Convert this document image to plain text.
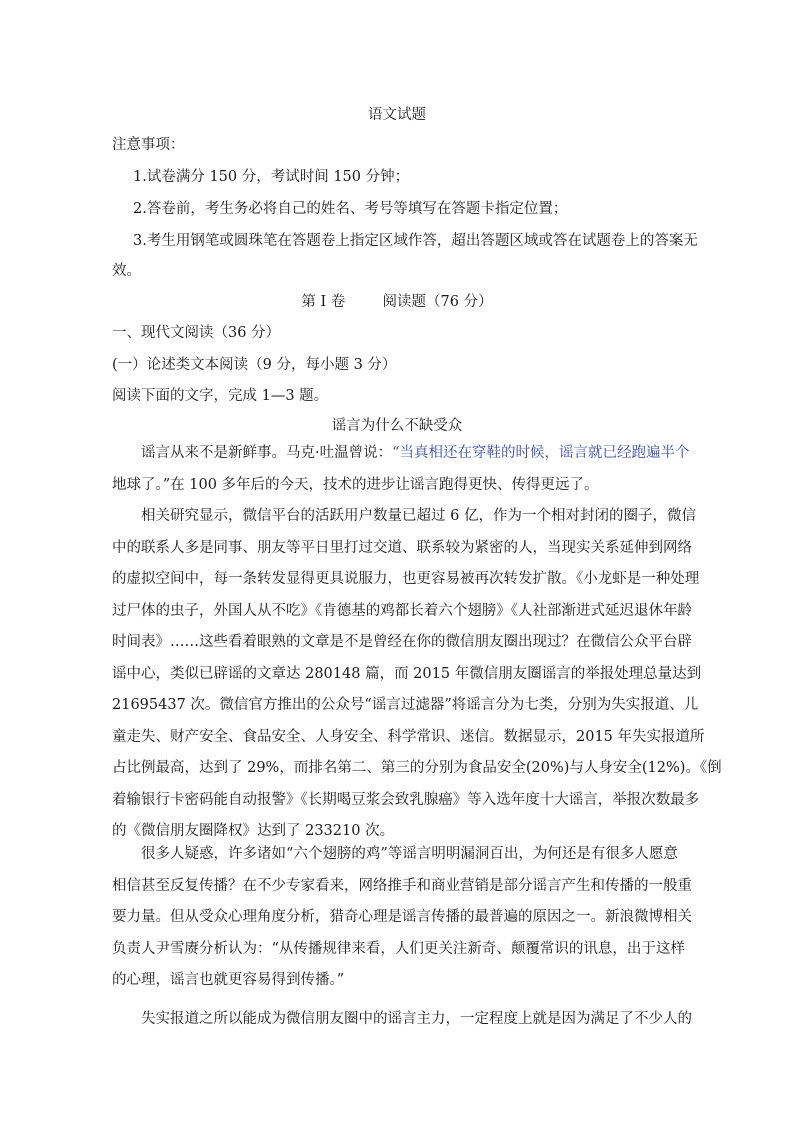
语文试题
注意事项：
1.试卷满分 150 分，考试时间 150 分钟；
2.答卷前，考生务必将自己的姓名、考号等填写在答题卡指定位置；
3.考生用钢笔或圆珠笔在答题卷上指定区域作答，超出答题区域或答在试题卷上的答案无
效。
第 I 卷	阅读题（76 分）
一、现代文阅读（36 分）
(一）论述类文本阅读（9 分，每小题 3 分）
阅读下面的文字，完成 1—3 题。
谣言为什么不缺受众
谣言从来不是新鲜事。马克·吐温曾说：“当真相还在穿鞋的时候，谣言就已经跑遍半个
地球了。”在 100 多年后的今天，技术的进步让谣言跑得更快、传得更远了。
相关研究显示，微信平台的活跃用户数量已超过 6 亿，作为一个相对封闭的圈子，微信
中的联系人多是同事、朋友等平日里打过交道、联系较为紧密的人，当现实关系延伸到网络
的虚拟空间中，每一条转发显得更具说服力，也更容易被再次转发扩散。《小龙虾是一种处理
过尸体的虫子，外国人从不吃》《肯德基的鸡都长着六个翅膀》《人社部渐进式延迟退休年龄
时间表》……这些看着眼熟的文章是不是曾经在你的微信朋友圈出现过？在微信公众平台辟
谣中心，类似已辟谣的文章达 280148 篇，而 2015 年微信朋友圈谣言的举报处理总量达到
21695437 次。微信官方推出的公众号“谣言过滤器”将谣言分为七类，分别为失实报道、儿
童走失、财产安全、食品安全、人身安全、科学常识、迷信。数据显示，2015 年失实报道所
占比例最高，达到了 29%，而排名第二、第三的分别为食品安全(20%)与人身安全(12%)。《倒
着输银行卡密码能自动报警》《长期喝豆浆会致乳腺癌》等入选年度十大谣言，举报次数最多
的《微信朋友圈降权》达到了 233210 次。
很多人疑惑，许多诸如“六个翅膀的鸡”等谣言明明漏洞百出，为何还是有很多人愿意
相信甚至反复传播？在不少专家看来，网络推手和商业营销是部分谣言产生和传播的一般重
要力量。但从受众心理角度分析，猎奇心理是谣言传播的最普遍的原因之一。新浪微博相关
负责人尹雪赓分析认为：“从传播规律来看，人们更关注新奇、颠覆常识的讯息，出于这样
的心理，谣言也就更容易得到传播。”
失实报道之所以能成为微信朋友圈中的谣言主力，一定程度上就是因为满足了不少人的
